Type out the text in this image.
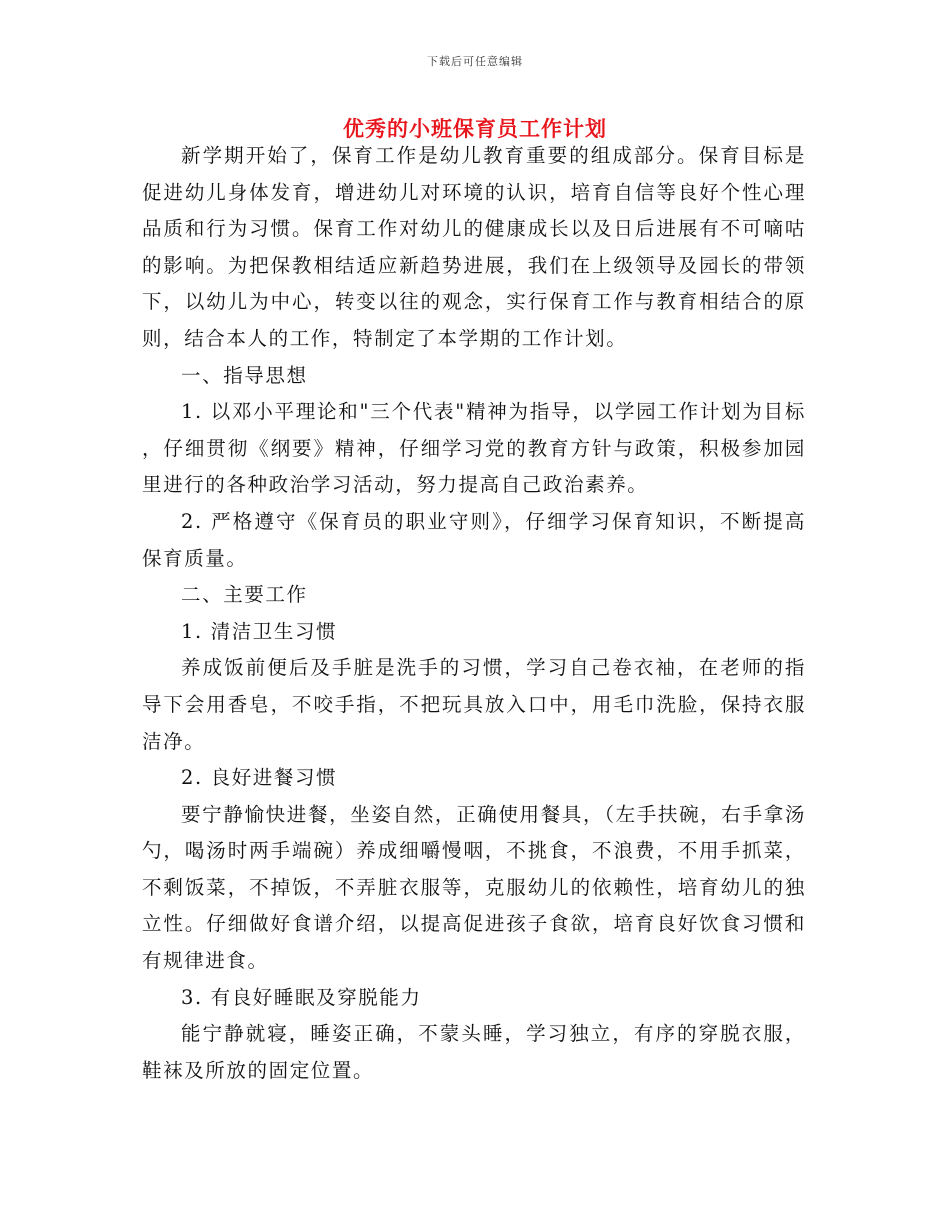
下载后可任意编辑
优秀的小班保育员工作计划

新学期开始了，保育工作是幼儿教育重要的组成部分。保育目标是促进幼儿身体发育，增进幼儿对环境的认识，培育自信等良好个性心理品质和行为习惯。保育工作对幼儿的健康成长以及日后进展有不可嘀咕的影响。为把保教相结适应新趋势进展，我们在上级领导及园长的带领下，以幼儿为中心，转变以往的观念，实行保育工作与教育相结合的原则，结合本人的工作，特制定了本学期的工作计划。

一、指导思想

1. 以邓小平理论和"三个代表"精神为指导，以学园工作计划为目标，仔细贯彻《纲要》精神，仔细学习党的教育方针与政策，积极参加园里进行的各种政治学习活动，努力提高自己政治素养。

2. 严格遵守《保育员的职业守则》，仔细学习保育知识，不断提高保育质量。

二、主要工作

1. 清洁卫生习惯

养成饭前便后及手脏是洗手的习惯，学习自己卷衣袖，在老师的指导下会用香皂，不咬手指，不把玩具放入口中，用毛巾洗脸，保持衣服洁净。

2. 良好进餐习惯

要宁静愉快进餐，坐姿自然，正确使用餐具，（左手扶碗，右手拿汤勺，喝汤时两手端碗）养成细嚼慢咽，不挑食，不浪费，不用手抓菜，不剩饭菜，不掉饭，不弄脏衣服等，克服幼儿的依赖性，培育幼儿的独立性。仔细做好食谱介绍，以提高促进孩子食欲，培育良好饮食习惯和有规律进食。

3. 有良好睡眠及穿脱能力

能宁静就寝，睡姿正确，不蒙头睡，学习独立，有序的穿脱衣服，鞋袜及所放的固定位置。
